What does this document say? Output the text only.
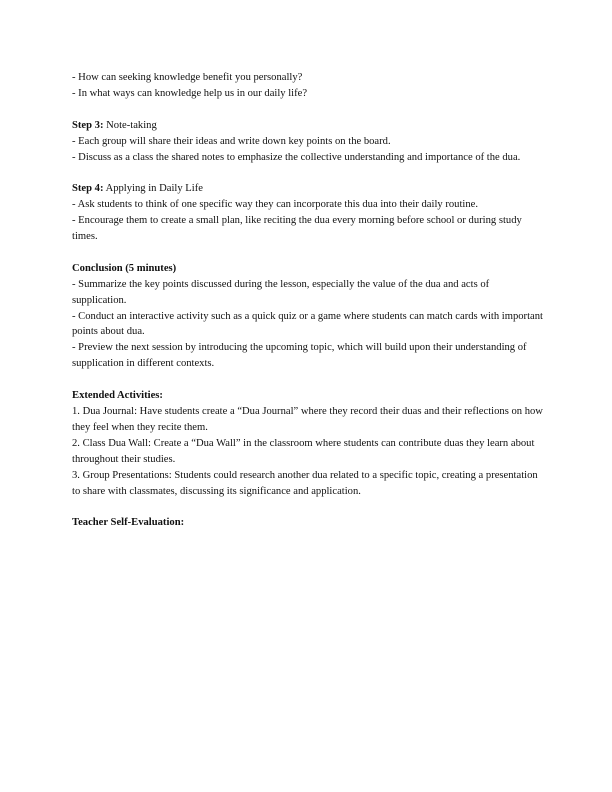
- How can seeking knowledge benefit you personally?

- In what ways can knowledge help us in our daily life?

Step 3: Note-taking

- Each group will share their ideas and write down key points on the board.

- Discuss as a class the shared notes to emphasize the collective understanding and importance of the dua.

Step 4: Applying in Daily Life

- Ask students to think of one specific way they can incorporate this dua into their daily routine.

- Encourage them to create a small plan, like reciting the dua every morning before school or during study times.

Conclusion (5 minutes)

- Summarize the key points discussed during the lesson, especially the value of the dua and acts of supplication.

- Conduct an interactive activity such as a quick quiz or a game where students can match cards with important points about dua.

- Preview the next session by introducing the upcoming topic, which will build upon their understanding of supplication in different contexts.

Extended Activities:

1. Dua Journal: Have students create a “Dua Journal” where they record their duas and their reflections on how they feel when they recite them.

2. Class Dua Wall: Create a “Dua Wall” in the classroom where students can contribute duas they learn about throughout their studies.

3. Group Presentations: Students could research another dua related to a specific topic, creating a presentation to share with classmates, discussing its significance and application.

Teacher Self-Evaluation:
